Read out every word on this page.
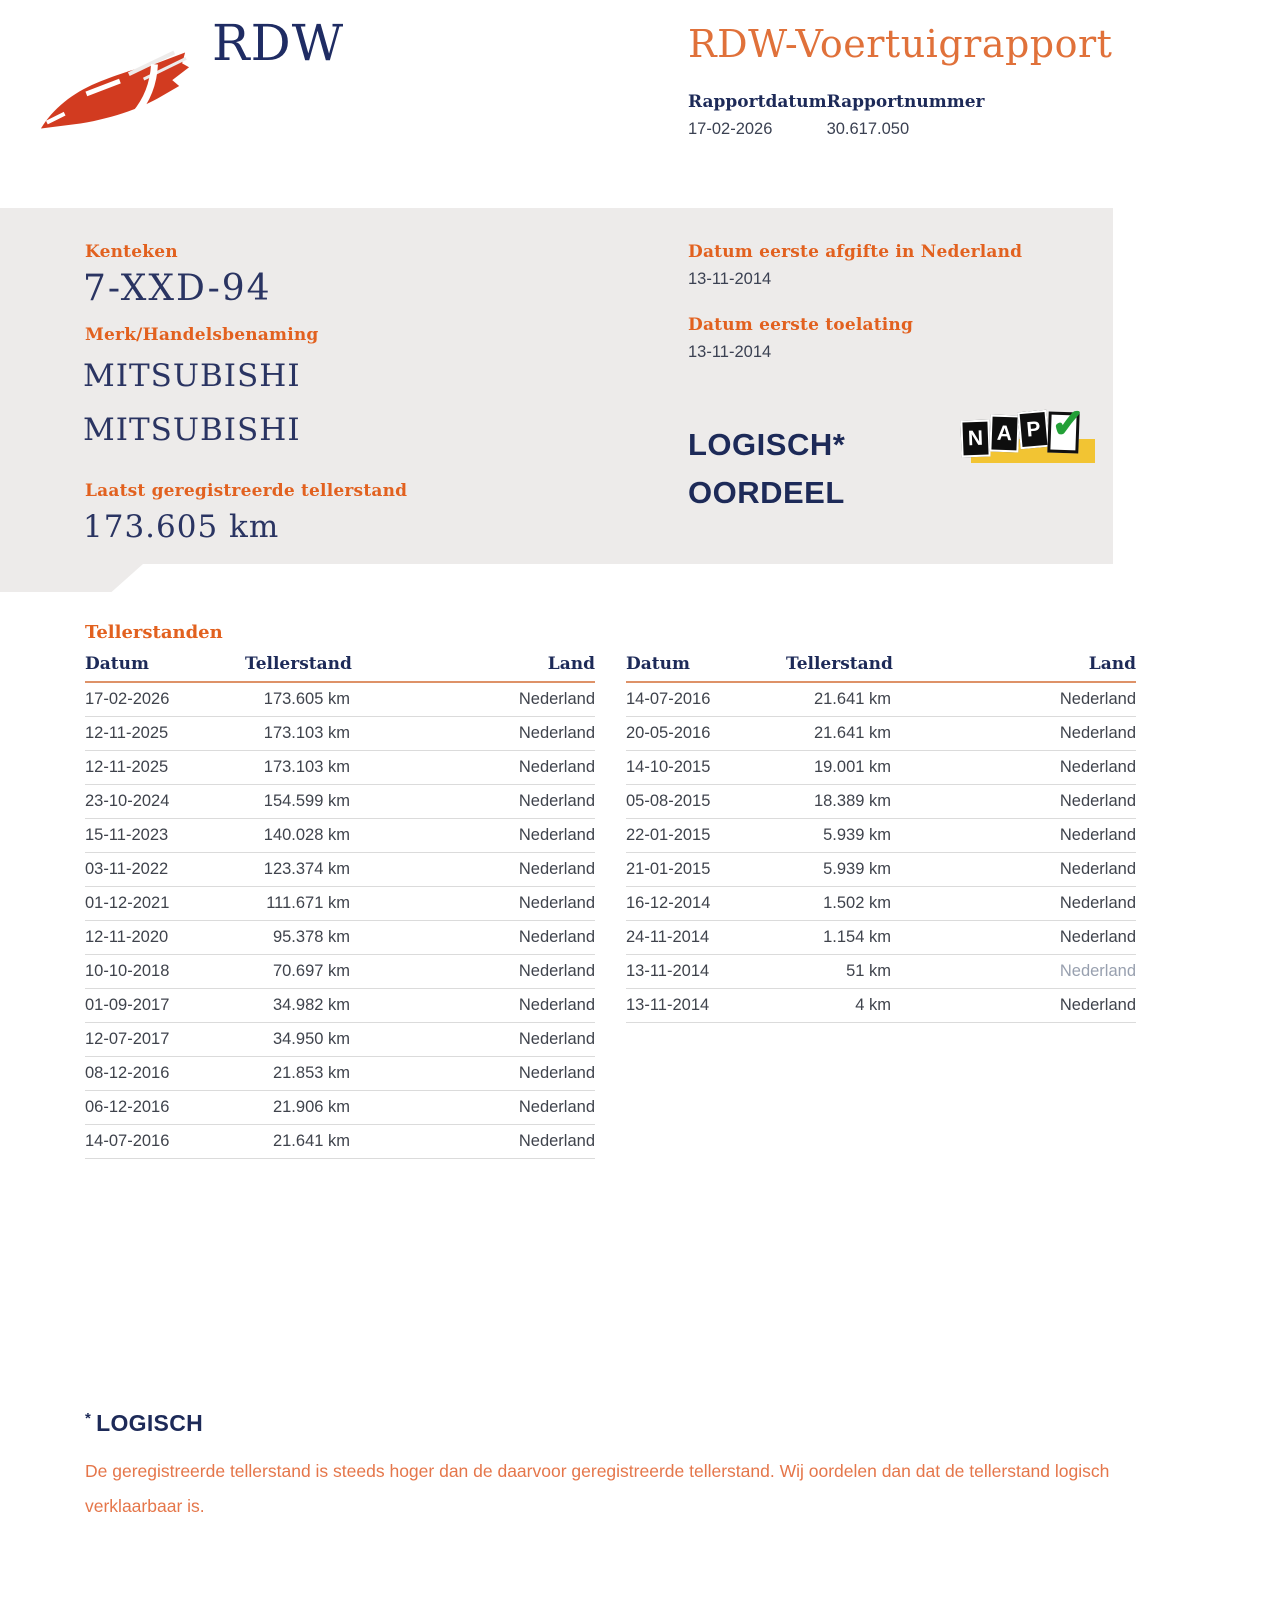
RDW	RDW-Voertuigrapport
Rapportdatum
17-02-2026
Rapportnummer
30.617.050
Kenteken
7-XXD-94
Merk/Handelsbenaming
MITSUBISHI
MITSUBISHI
Laatst geregistreerde tellerstand
173.605 km
Datum eerste afgifte in Nederland
13-11-2014
Datum eerste toelating
13-11-2014
LOGISCH*
OORDEEL
N A P ✓
Tellerstanden
Datum	Tellerstand	Land
17-02-2026	173.605 km	Nederland
12-11-2025	173.103 km	Nederland
12-11-2025	173.103 km	Nederland
23-10-2024	154.599 km	Nederland
15-11-2023	140.028 km	Nederland
03-11-2022	123.374 km	Nederland
01-12-2021	111.671 km	Nederland
12-11-2020	95.378 km	Nederland
10-10-2018	70.697 km	Nederland
01-09-2017	34.982 km	Nederland
12-07-2017	34.950 km	Nederland
08-12-2016	21.853 km	Nederland
06-12-2016	21.906 km	Nederland
14-07-2016	21.641 km	Nederland
Datum	Tellerstand	Land
14-07-2016	21.641 km	Nederland
20-05-2016	21.641 km	Nederland
14-10-2015	19.001 km	Nederland
05-08-2015	18.389 km	Nederland
22-01-2015	5.939 km	Nederland
21-01-2015	5.939 km	Nederland
16-12-2014	1.502 km	Nederland
24-11-2014	1.154 km	Nederland
13-11-2014	51 km	Nederland
13-11-2014	4 km	Nederland
* LOGISCH
De geregistreerde tellerstand is steeds hoger dan de daarvoor geregistreerde tellerstand. Wij oordelen dan dat de tellerstand logisch verklaarbaar is.
